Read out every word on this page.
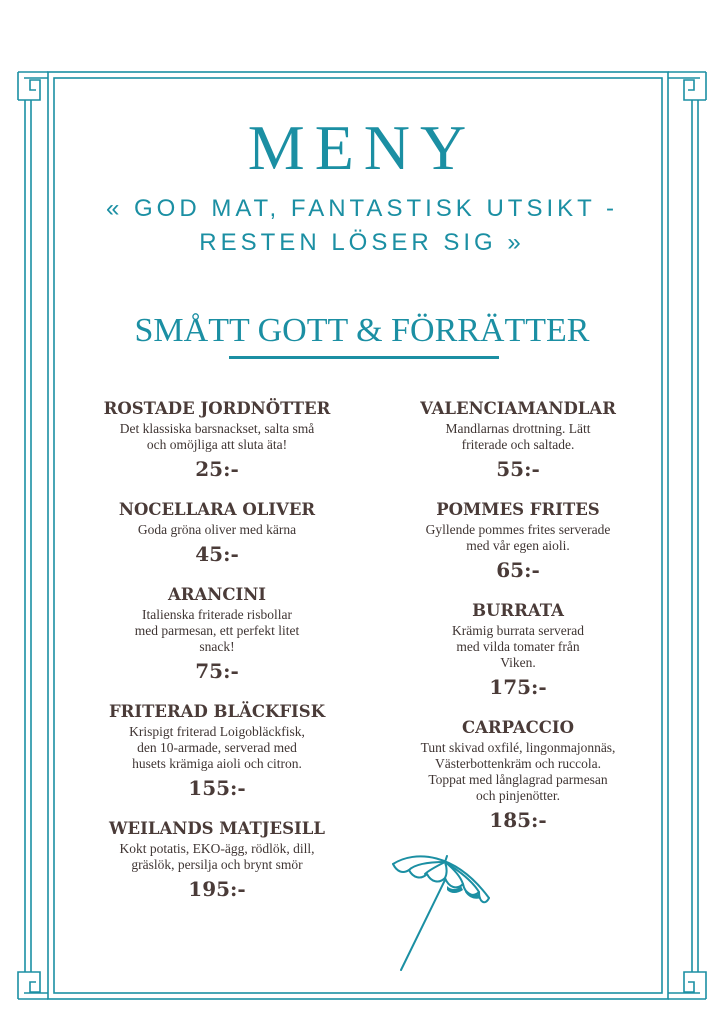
MENY
« GOD MAT, FANTASTISK UTSIKT -
RESTEN LÖSER SIG »
SMÅTT GOTT & FÖRRÄTTER
ROSTADE JORDNÖTTER
Det klassiska barsnackset, salta små
och omöjliga att sluta äta!
25:-
NOCELLARA OLIVER
Goda gröna oliver med kärna
45:-
ARANCINI
Italienska friterade risbollar
med parmesan, ett perfekt litet
snack!
75:-
FRITERAD BLÄCKFISK
Krispigt friterad Loigobläckfisk,
den 10-armade, serverad med
husets krämiga aioli och citron.
155:-
WEILANDS MATJESILL
Kokt potatis, EKO-ägg, rödlök, dill,
gräslök, persilja och brynt smör
195:-
VALENCIAMANDLAR
Mandlarnas drottning. Lätt
friterade och saltade.
55:-
POMMES FRITES
Gyllende pommes frites serverade
med vår egen aioli.
65:-
BURRATA
Krämig burrata serverad
med vilda tomater från
Viken.
175:-
CARPACCIO
Tunt skivad oxfilé, lingonmajonnäs,
Västerbottenkräm och ruccola.
Toppat med långlagrad parmesan
och pinjenötter.
185:-
